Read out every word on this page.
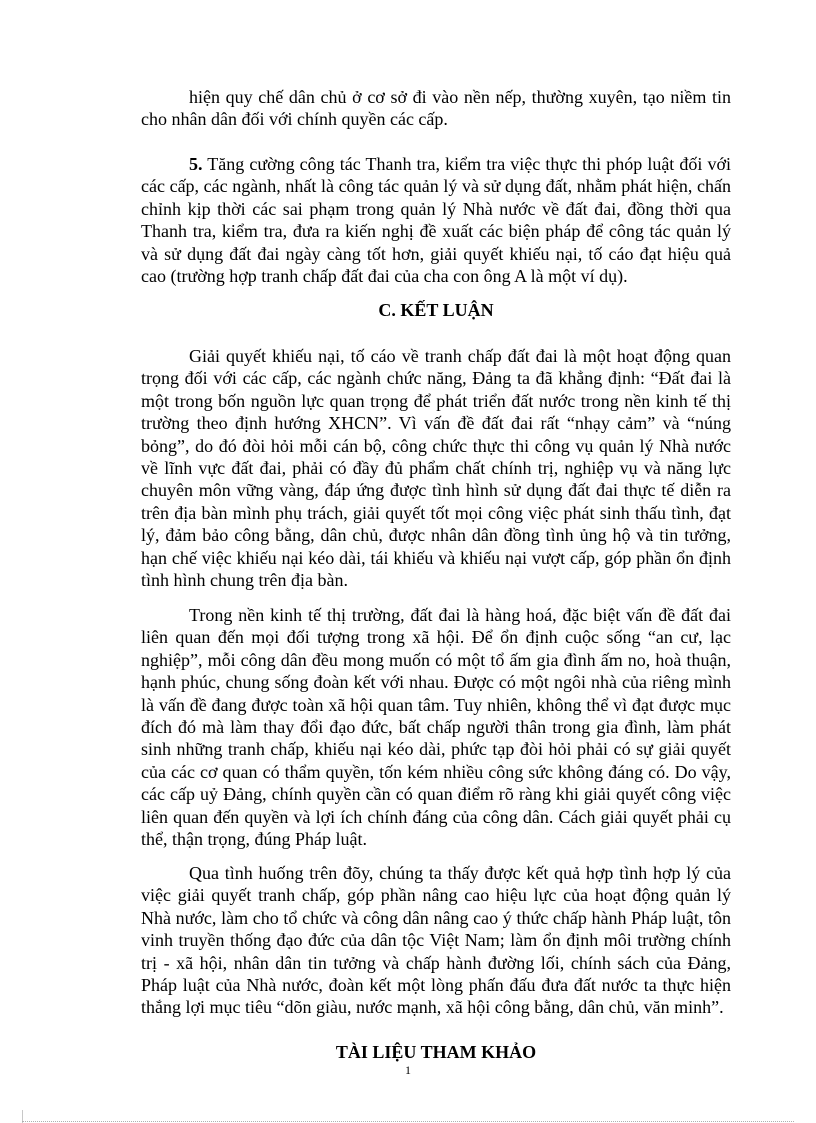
hiện quy chế dân chủ ở cơ sở đi vào nền nếp, thường xuyên, tạo niềm tin cho nhân dân đối với chính quyền các cấp.

5. Tăng cường công tác Thanh tra, kiểm tra việc thực thi phóp luật đối với các cấp, các ngành, nhất là công tác quản lý và sử dụng đất, nhằm phát hiện, chấn chỉnh kịp thời các sai phạm trong quản lý Nhà nước về đất đai, đồng thời qua Thanh tra, kiểm tra, đưa ra kiến nghị đề xuất các biện pháp để công tác quản lý và sử dụng đất đai ngày càng tốt hơn, giải quyết khiếu nại, tố cáo đạt hiệu quả cao (trường hợp tranh chấp đất đai của cha con ông A là một ví dụ).

C. KẾT LUẬN

Giải quyết khiếu nại, tố cáo về tranh chấp đất đai là một hoạt động quan trọng đối với các cấp, các ngành chức năng, Đảng ta đã khẳng định: “Đất đai là một trong bốn nguồn lực quan trọng để phát triển đất nước trong nền kinh tế thị trường theo định hướng XHCN”. Vì vấn đề đất đai rất “nhạy cảm” và “núng bỏng”, do đó đòi hỏi mỗi cán bộ, công chức thực thi công vụ quản lý Nhà nước về lĩnh vực đất đai, phải có đầy đủ phẩm chất chính trị, nghiệp vụ và năng lực chuyên môn vững vàng, đáp ứng được tình hình sử dụng đất đai thực tế diễn ra trên địa bàn mình phụ trách, giải quyết tốt mọi công việc phát sinh thấu tình, đạt lý, đảm bảo công bằng, dân chủ, được nhân dân đồng tình ủng hộ và tin tưởng, hạn chế việc khiếu nại kéo dài, tái khiếu và khiếu nại vượt cấp, góp phần ổn định tình hình chung trên địa bàn.

Trong nền kinh tế thị trường, đất đai là hàng hoá, đặc biệt vấn đề đất đai liên quan đến mọi đối tượng trong xã hội. Để ổn định cuộc sống “an cư, lạc nghiệp”, mỗi công dân đều mong muốn có một tổ ấm gia đình ấm no, hoà thuận, hạnh phúc, chung sống đoàn kết với nhau. Được có một ngôi nhà của riêng mình là vấn đề đang được toàn xã hội quan tâm. Tuy nhiên, không thể vì đạt được mục đích đó mà làm thay đổi đạo đức, bất chấp người thân trong gia đình, làm phát sinh những tranh chấp, khiếu nại kéo dài, phức tạp đòi hỏi phải có sự giải quyết của các cơ quan có thẩm quyền, tốn kém nhiều công sức không đáng có. Do vậy, các cấp uỷ Đảng, chính quyền cần có quan điểm rõ ràng khi giải quyết công việc liên quan đến quyền và lợi ích chính đáng của công dân. Cách giải quyết phải cụ thể, thận trọng, đúng Pháp luật.

Qua tình huống trên đõy, chúng ta thấy được kết quả hợp tình hợp lý của việc giải quyết tranh chấp, góp phần nâng cao hiệu lực của hoạt động quản lý Nhà nước, làm cho tổ chức và công dân nâng cao ý thức chấp hành Pháp luật, tôn vinh truyền thống đạo đức của dân tộc Việt Nam; làm ổn định môi trường chính trị - xã hội, nhân dân tin tưởng và chấp hành đường lối, chính sách của Đảng, Pháp luật của Nhà nước, đoàn kết một lòng phấn đấu đưa đất nước ta thực hiện thắng lợi mục tiêu “dõn giàu, nước mạnh, xã hội công bằng, dân chủ, văn minh”.

TÀI LIỆU THAM KHẢO
1
